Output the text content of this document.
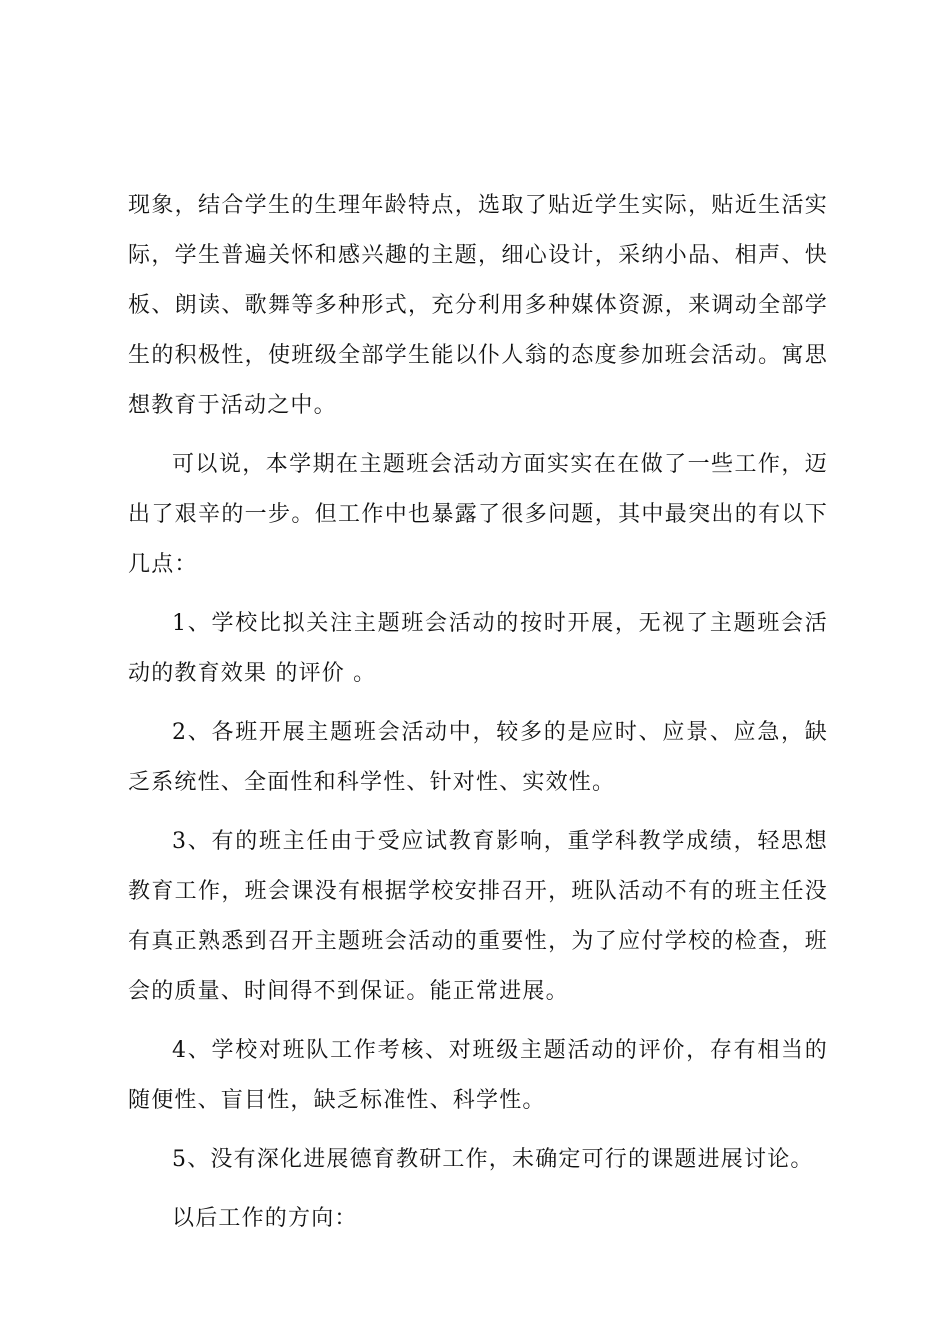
现象，结合学生的生理年龄特点，选取了贴近学生实际，贴近生活实际，学生普遍关怀和感兴趣的主题，细心设计，采纳小品、相声、快板、朗读、歌舞等多种形式，充分利用多种媒体资源，来调动全部学生的积极性，使班级全部学生能以仆人翁的态度参加班会活动。寓思想教育于活动之中。

可以说，本学期在主题班会活动方面实实在在做了一些工作，迈出了艰辛的一步。但工作中也暴露了很多问题，其中最突出的有以下几点：

1、学校比拟关注主题班会活动的按时开展，无视了主题班会活动的教育效果 的评价 。

2、各班开展主题班会活动中，较多的是应时、应景、应急，缺乏系统性、全面性和科学性、针对性、实效性。

3、有的班主任由于受应试教育影响，重学科教学成绩，轻思想教育工作，班会课没有根据学校安排召开，班队活动不有的班主任没有真正熟悉到召开主题班会活动的重要性，为了应付学校的检查，班会的质量、时间得不到保证。能正常进展。

4、学校对班队工作考核、对班级主题活动的评价，存有相当的随便性、盲目性，缺乏标准性、科学性。

5、没有深化进展德育教研工作，未确定可行的课题进展讨论。

以后工作的方向：
